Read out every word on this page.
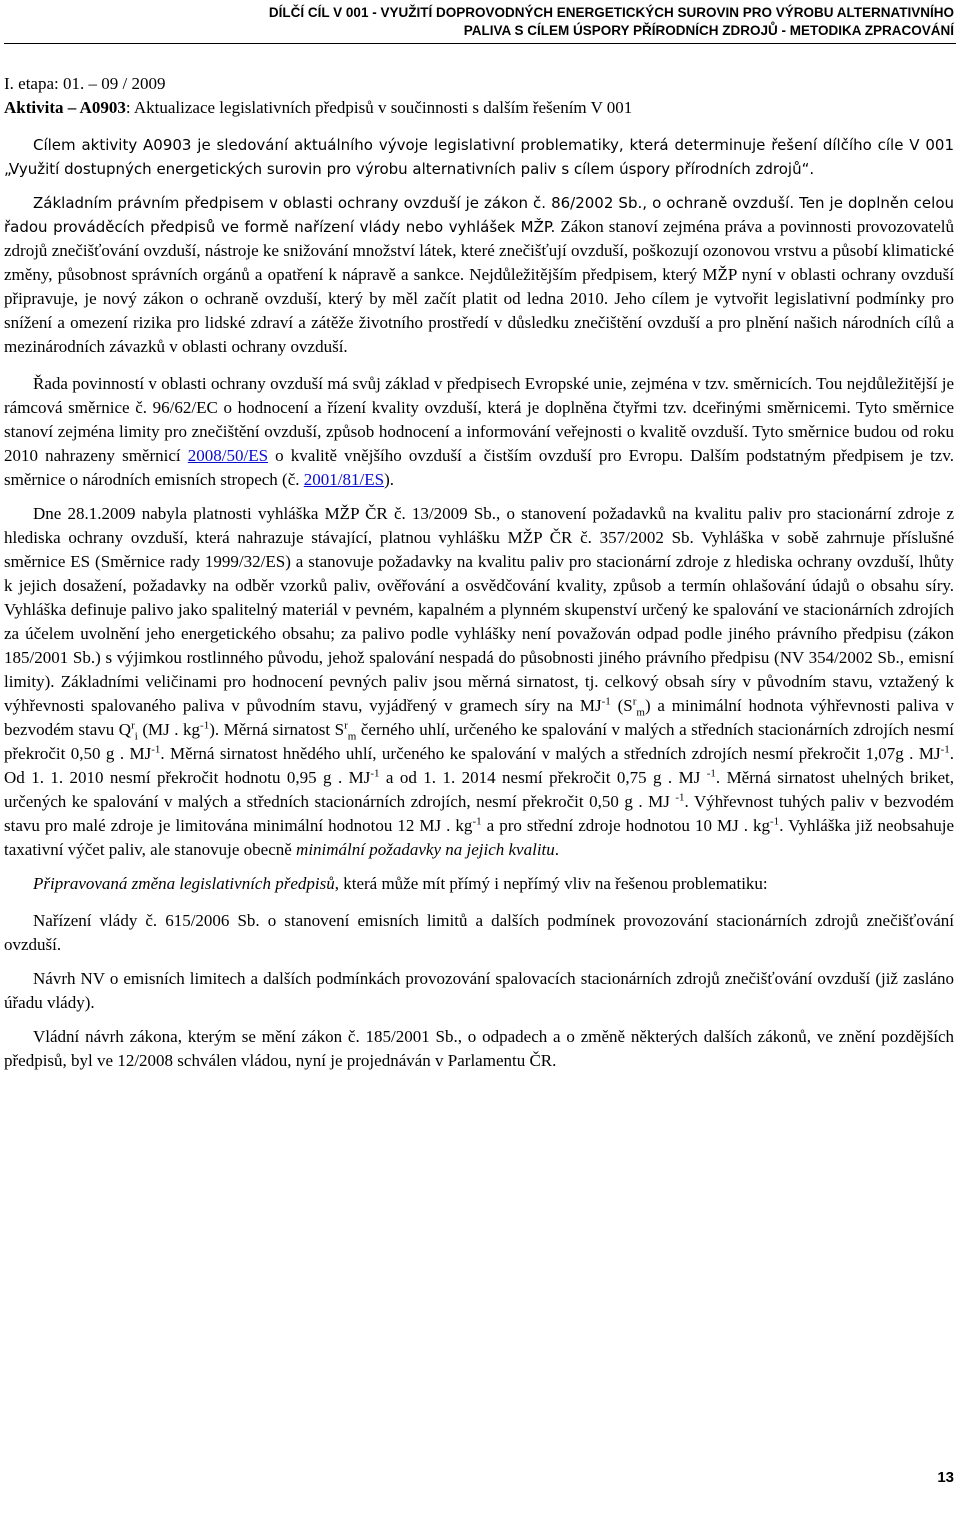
DÍLČÍ CÍL V 001 - VYUŽITÍ DOPROVODNÝCH ENERGETICKÝCH SUROVIN PRO VÝROBU ALTERNATIVNÍHO
PALIVA S CÍLEM ÚSPORY PŘÍRODNÍCH ZDROJŮ - METODIKA ZPRACOVÁNÍ

I. etapa: 01. – 09 / 2009

Aktivita – A0903: Aktualizace legislativních předpisů v součinnosti s dalším řešením V 001

Cílem aktivity A0903 je sledování aktuálního vývoje legislativní problematiky, která determinuje řešení dílčího cíle V 001 „Využití dostupných energetických surovin pro výrobu alternativních paliv s cílem úspory přírodních zdrojů“.

Základním právním předpisem v oblasti ochrany ovzduší je zákon č. 86/2002 Sb., o ochraně ovzduší. Ten je doplněn celou řadou prováděcích předpisů ve formě nařízení vlády nebo vyhlášek MŽP. Zákon stanoví zejména práva a povinnosti provozovatelů zdrojů znečišťování ovzduší, nástroje ke snižování množství látek, které znečišťují ovzduší, poškozují ozonovou vrstvu a působí klimatické změny, působnost správních orgánů a opatření k nápravě a sankce. Nejdůležitějším předpisem, který MŽP nyní v oblasti ochrany ovzduší připravuje, je nový zákon o ochraně ovzduší, který by měl začít platit od ledna 2010. Jeho cílem je vytvořit legislativní podmínky pro snížení a omezení rizika pro lidské zdraví a zátěže životního prostředí v důsledku znečištění ovzduší a pro plnění našich národních cílů a mezinárodních závazků v oblasti ochrany ovzduší.

Řada povinností v oblasti ochrany ovzduší má svůj základ v předpisech Evropské unie, zejména v tzv. směrnicích. Tou nejdůležitější je rámcová směrnice č. 96/62/EC o hodnocení a řízení kvality ovzduší, která je doplněna čtyřmi tzv. dceřinými směrnicemi. Tyto směrnice stanoví zejména limity pro znečištění ovzduší, způsob hodnocení a informování veřejnosti o kvalitě ovzduší. Tyto směrnice budou od roku 2010 nahrazeny směrnicí 2008/50/ES o kvalitě vnějšího ovzduší a čistším ovzduší pro Evropu. Dalším podstatným předpisem je tzv. směrnice o národních emisních stropech (č. 2001/81/ES).

Dne 28.1.2009 nabyla platnosti vyhláška MŽP ČR č. 13/2009 Sb., o stanovení požadavků na kvalitu paliv pro stacionární zdroje z hlediska ochrany ovzduší, která nahrazuje stávající, platnou vyhlášku MŽP ČR č. 357/2002 Sb. Vyhláška v sobě zahrnuje příslušné směrnice ES (Směrnice rady 1999/32/ES) a stanovuje požadavky na kvalitu paliv pro stacionární zdroje z hlediska ochrany ovzduší, lhůty k jejich dosažení, požadavky na odběr vzorků paliv, ověřování a osvědčování kvality, způsob a termín ohlašování údajů o obsahu síry. Vyhláška definuje palivo jako spalitelný materiál v pevném, kapalném a plynném skupenství určený ke spalování ve stacionárních zdrojích za účelem uvolnění jeho energetického obsahu; za palivo podle vyhlášky není považován odpad podle jiného právního předpisu (zákon 185/2001 Sb.) s výjimkou rostlinného původu, jehož spalování nespadá do působnosti jiného právního předpisu (NV 354/2002 Sb., emisní limity). Základními veličinami pro hodnocení pevných paliv jsou měrná sirnatost, tj. celkový obsah síry v původním stavu, vztažený k výhřevnosti spalovaného paliva v původním stavu, vyjádřený v gramech síry na $MJ^{-1}$ $(S^r_m)$ a minimální hodnota výhřevnosti paliva v bezvodém stavu $Q^r_i$ (MJ . $kg^{-1}$). Měrná sirnatost $S^r_m$ černého uhlí, určeného ke spalování v malých a středních stacionárních zdrojích nesmí překročit 0,50 g . $MJ^{-1}$. Měrná sirnatost hnědého uhlí, určeného ke spalování v malých a středních zdrojích nesmí překročit 1,07g . $MJ^{-1}$. Od 1. 1. 2010 nesmí překročit hodnotu 0,95 g . $MJ^{-1}$ a od 1. 1. 2014 nesmí překročit 0,75 g . MJ $^{-1}$. Měrná sirnatost uhelných briket, určených ke spalování v malých a středních stacionárních zdrojích, nesmí překročit 0,50 g . MJ $^{-1}$. Výhřevnost tuhých paliv v bezvodém stavu pro malé zdroje je limitována minimální hodnotou 12 MJ . $kg^{-1}$ a pro střední zdroje hodnotou 10 MJ . $kg^{-1}$. Vyhláška již neobsahuje taxativní výčet paliv, ale stanovuje obecně minimální požadavky na jejich kvalitu.

Připravovaná změna legislativních předpisů, která může mít přímý i nepřímý vliv na řešenou problematiku:

Nařízení vlády č. 615/2006 Sb. o stanovení emisních limitů a dalších podmínek provozování stacionárních zdrojů znečišťování ovzduší.

Návrh NV o emisních limitech a dalších podmínkách provozování spalovacích stacionárních zdrojů znečišťování ovzduší (již zasláno úřadu vlády).

Vládní návrh zákona, kterým se mění zákon č. 185/2001 Sb., o odpadech a o změně některých dalších zákonů, ve znění pozdějších předpisů, byl ve 12/2008 schválen vládou, nyní je projednáván v Parlamentu ČR.

13
